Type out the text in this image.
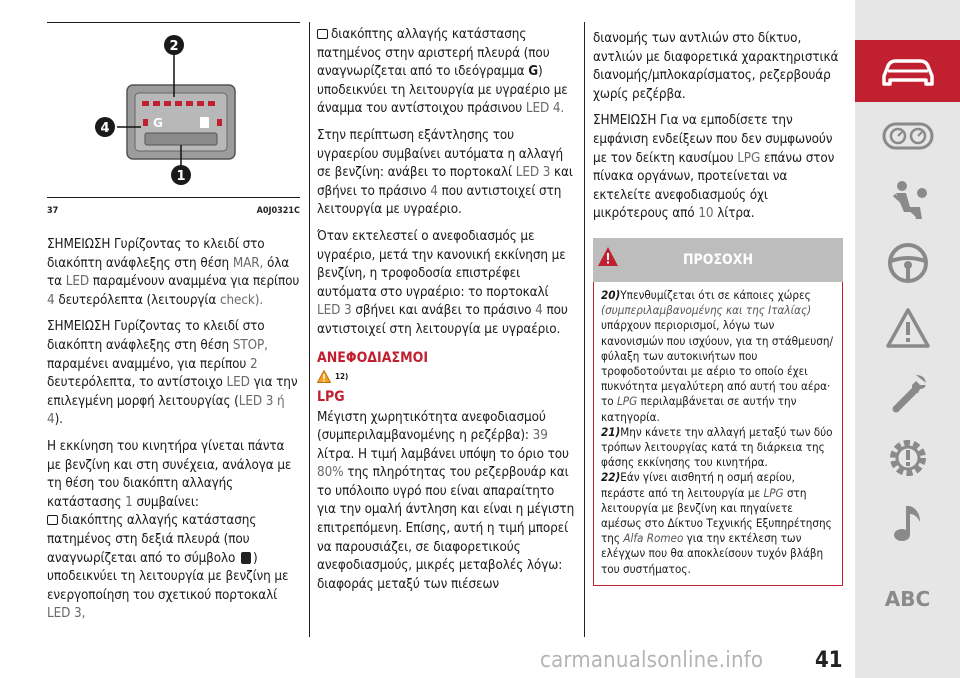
G
2
4
1
37	A0J0321C

ΣΗΜΕΙΩΣΗ Γυρίζοντας το κλειδί στο διακόπτη ανάφλεξης στη θέση MAR, όλα τα LED παραμένουν αναμμένα για περίπου 4 δευτερόλεπτα (λειτουργία check).

ΣΗΜΕΙΩΣΗ Γυρίζοντας το κλειδί στο διακόπτη ανάφλεξης στη θέση STOP, παραμένει αναμμένο, για περίπου 2 δευτερόλεπτα, το αντίστοιχο LED για την επιλεγμένη μορφή λειτουργίας (LED 3 ή 4).

Η εκκίνηση του κινητήρα γίνεται πάντα με βενζίνη και στη συνέχεια, ανάλογα με τη θέση του διακόπτη αλλαγής κατάστασης 1 συμβαίνει:

διακόπτης αλλαγής κατάστασης πατημένος στη δεξιά πλευρά (που αναγνωρίζεται από το σύμβολο ) υποδεικνύει τη λειτουργία με βενζίνη με ενεργοποίηση του σχετικού πορτοκαλί LED 3,

διακόπτης αλλαγής κατάστασης πατημένος στην αριστερή πλευρά (που αναγνωρίζεται από το ιδεόγραμμα G) υποδεικνύει τη λειτουργία με υγραέριο με άναμμα του αντίστοιχου πράσινου LED 4.

Στην περίπτωση εξάντλησης του υγραερίου συμβαίνει αυτόματα η αλλαγή σε βενζίνη: ανάβει το πορτοκαλί LED 3 και σβήνει το πράσινο 4 που αντιστοιχεί στη λειτουργία με υγραέριο.

Όταν εκτελεστεί ο ανεφοδιασμός με υγραέριο, μετά την κανονική εκκίνηση με βενζίνη, η τροφοδοσία επιστρέφει αυτόματα στο υγραέριο: το πορτοκαλί LED 3 σβήνει και ανάβει το πράσινο 4 που αντιστοιχεί στη λειτουργία με υγραέριο.

ΑΝΕΦΟΔΙΑΣΜΟΙ
12)
LPG

Μέγιστη χωρητικότητα ανεφοδιασμού (συμπεριλαμβανομένης η ρεζέρβα): 39 λίτρα. Η τιμή λαμβάνει υπόψη το όριο του 80% της πληρότητας του ρεζερβουάρ και το υπόλοιπο υγρό που είναι απαραίτητο για την ομαλή άντληση και είναι η μέγιστη επιτρεπόμενη. Επίσης, αυτή η τιμή μπορεί να παρουσιάζει, σε διαφορετικούς ανεφοδιασμούς, μικρές μεταβολές λόγω: διαφοράς μεταξύ των πιέσεων

διανομής των αντλιών στο δίκτυο, αντλιών με διαφορετικά χαρακτηριστικά διανομής/μπλοκαρίσματος, ρεζερβουάρ χωρίς ρεζέρβα.

ΣΗΜΕΙΩΣΗ Για να εμποδίσετε την εμφάνιση ενδείξεων που δεν συμφωνούν με τον δείκτη καυσίμου LPG επάνω στον πίνακα οργάνων, προτείνεται να εκτελείτε ανεφοδιασμούς όχι μικρότερους από 10 λίτρα.

ΠΡΟΣΟΧΗ
20)Υπενθυμίζεται ότι σε κάποιες χώρες (συμπεριλαμβανομένης και της Ιταλίας) υπάρχουν περιορισμοί, λόγω των κανονισμών που ισχύουν, για τη στάθμευση/φύλαξη των αυτοκινήτων που τροφοδοτούνται με αέριο το οποίο έχει πυκνότητα μεγαλύτερη από αυτή του αέρα· το LPG περιλαμβάνεται σε αυτήν την κατηγορία.
21)Μην κάνετε την αλλαγή μεταξύ των δύο τρόπων λειτουργίας κατά τη διάρκεια της φάσης εκκίνησης του κινητήρα.
22)Εάν γίνει αισθητή η οσμή αερίου, περάστε από τη λειτουργία με LPG στη λειτουργία με βενζίνη και πηγαίνετε αμέσως στο Δίκτυο Τεχνικής Εξυπηρέτησης της Alfa Romeo για την εκτέλεση των ελέγχων που θα αποκλείσουν τυχόν βλάβη του συστήματος.
ABC
carmanualsonline.info 41
